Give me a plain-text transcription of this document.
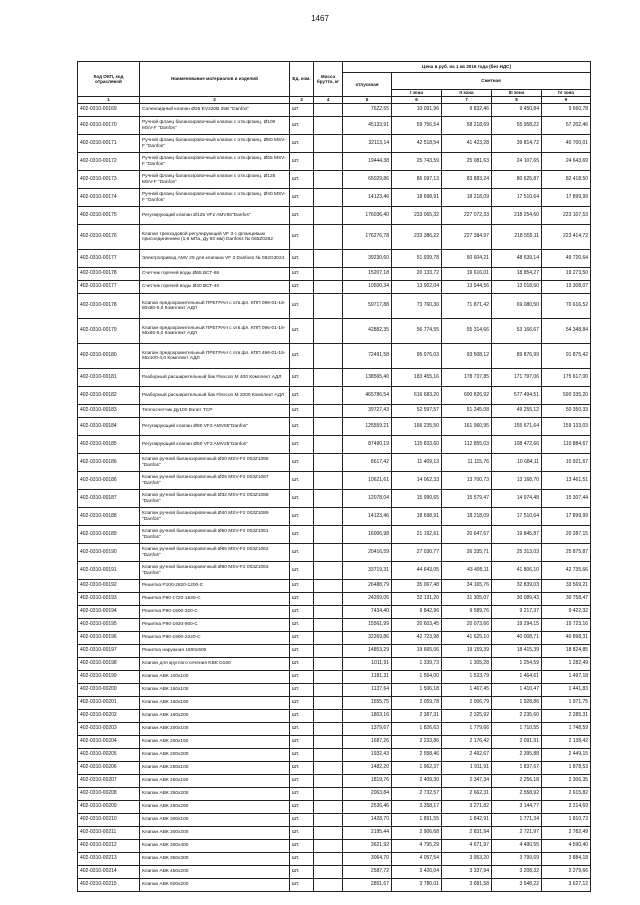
1467
Код ОКП, код отраслевой	Наименование материалов и изделий	Ед. изм.	Масса брутто, кг	Цена в руб. на 1 кв 2016 года (без НДС)				
				отпускная	Сметная			
					I зона	II зона	III зона	IV зона
1	2	3	4	5	6	7	8	9
402-0310-00169	Соленоидный клапан Ø25 EV220B 25B "Danfos"	шт		7622,55	10 091,96	9 832,46	9 450,84	9 660,78
402-0310-00170	Ручной фланц балансировочный клапан с отв.фланц. Ø100 MSV-F "Danfos"	шт.		45133,91	59 756,54	58 218,69	55 958,22	57 202,46
402-0310-00171	Ручной фланц балансировочный клапан с отв.фланц. Ø80 MSV-F "Danfos"	шт.		32113,14	42 518,54	41 423,28	39 814,72	40 700,01
402-0310-00172	Ручной фланц балансировочный клапан с отв.фланц. Ø65 MSV-F "Danfos"	шт.		19444,38	25 743,59	25 081,63	24 107,65	24 643,69
402-0310-00173	Ручной фланц балансировочный клапан с отв.фланц. Ø125 MSV-F "Danfos"	шт.		65029,86	86 097,13	83 883,24	80 625,87	82 418,50
402-0310-00174	Ручной фланц балансировочный клапан с отв.фланц. Ø40 MSV-F "Danfos"	шт.		14123,46	18 698,91	18 218,09	17 510,64	17 899,99
402-0310-00175	Регулирующий клапан Ø125 VF2 AMV56"Danfos"	шт.		176036,40	233 065,32	227 072,33	218 254,60	223 107,53
402-0310-00176	Клапан трехходовой регулирующий VF 3 с фланцевым присоединением (1,6 мПа, Ду 80 мм) Danfoss № 065Z0262	шт.		176276,78	233 386,22	227 384,97	218 555,11	223 414,72
402-0310-00177	Электропривод AMV 25 для клапана VF 3 Danfoss № 082G3024	шт.		39230,60	51 939,78	50 604,21	48 639,14	49 720,64
402-0310-00178	Счетчик горячей воды Ø65 ВСТ-65	шт.		15207,18	20 133,72	19 616,01	18 854,27	19 273,50
402-0310-00177	Счетчик горячей воды Ø40 ВСТ-40	шт.		10500,34	13 902,04	13 544,56	13 018,60	13 308,07
402-0310-00178	Клапан предохранительный ПРЕГРАН с отв.фл. КПП 096-01-16-80х80-6,0 Комплект АДЛ	шт.		59717,88	73 760,30	71 871,42	69 080,50	70 616,52
402-0310-00179	Клапан предохранительный ПРЕГРАН с отв.фл. КПП 096-01-16-65х65-5,0 Комплект АДЛ	шт.		42882,35	56 774,55	55 314,66	53 166,67	54 348,84
402-0310-00180	Клапан предохранительный ПРЕГРАН с отв.фл. КПП 496-01-16-65х100-4,0 Комплект АДЛ	шт.		72491,58	95 976,03	93 508,12	89 876,99	91 875,42
402-0310-00181	Разборный расширительный бак Flexcon M 400 Комплект АДЛ	шт.		138565,40	183 455,16	178 737,85	171 797,06	175 617,00
402-0310-00182	Разборный расширительный бак Flexcon M 2000 Комплект АДЛ	шт.		465786,54	616 683,20	600 826,92	577 494,51	590 335,20
402-0310-00183	Теплосчетчик Ду100 Взлет ТСР	шт.		39727,43	52 597,57	51 245,08	49 255,12	50 350,33
402-0310-00184	Регулирующий клапан Ø80 VF2 AMV55"Danfos"	шт.		125559,21	166 235,50	161 960,95	155 671,64	159 133,03
402-0310-00185	Регулирующий клапан Ø50 VF2 AMV25"Danfos"	шт.		87490,19	115 833,60	112 855,03	108 472,66	110 884,67
402-0310-00186	Клапан ручной балансировочный Ø20 MSV-F2 003Z1085 "Danfos"	шт.		8617,42	11 409,13	11 115,76	10 684,11	10 921,67
402-0310-00186	Клапан ручной балансировочный Ø25 MSV-F2 003Z1087 "Danfos"	шт.		10621,61	14 062,33	13 700,73	13 168,70	13 461,51
402-0310-00187	Клапан ручной балансировочный Ø32 MSV-F2 003Z1088 "Danfos"	шт.		12078,04	15 990,65	15 579,47	14 974,48	15 307,44
402-0310-00188	Клапан ручной балансировочный Ø40 MSV-F2 003Z1089 "Danfos"	шт.		14123,46	18 698,91	18 218,09	17 510,64	17 899,99
402-0310-00189	Клапан ручной балансировочный Ø50 MSV-F2 003Z1061 "Danfos"	шт.		16006,98	21 192,61	20 647,67	19 845,87	20 287,15
402-0310-00190	Клапан ручной балансировочный Ø65 MSV-F2 003Z1062 "Danfos"	шт.		20416,59	27 030,77	26 335,71	25 313,03	25 875,87
402-0310-00191	Клапан ручной балансировочный Ø80 MSV-F2 003Z1063 "Danfos"	шт.		33719,31	44 643,05	43 495,11	41 806,10	42 735,66
402-0310-00192	Решетка Р100-2820-1200-С	шт.		26488,79	35 067,48	34 165,76	32 839,03	33 569,21
402-0310-00193	Решетка Р90-1720-1830-С	шт.		24269,06	32 131,20	31 305,07	30 089,43	30 758,47
402-0310-00194	Решетка Р90-1500-320-С	шт.		7434,40	9 842,96	9 589,76	9 217,37	9 422,32
402-0310-00195	Решетка Р90-1920-900-С	шт.		15561,99	20 603,45	20 073,66	19 294,15	19 723,16
402-0310-00196	Решетка Р90-1900-2220-С	шт.		32269,86	42 723,98	41 625,10	40 008,71	40 898,31
402-0310-00197	Решетка наружная 1800х500	шт.		14853,29	19 665,06	19 159,39	18 415,39	18 824,85
402-0310-00198	Клапан для круглого сечения KBK D160	шт.		1011,91	1 339,73	1 305,28	1 254,59	1 282,49
402-0310-00199	Клапан АВК 100х100	шт.		1181,31	1 564,00	1 523,79	1 464,61	1 497,18
402-0310-00200	Клапан АВК 150х100	шт.		1137,64	1 506,18	1 467,45	1 410,47	1 441,83
402-0310-00201	Клапан АВК 150х150	шт.		1555,75	2 059,78	2 006,79	1 928,86	1 971,75
402-0310-00202	Клапан АВК 150х200	шт.		1803,16	2 387,31	2 325,92	2 235,60	2 285,31
402-0310-00203	Клапан АВК 200х100	шт.		1379,67	1 826,63	1 779,66	1 710,55	1 748,59
402-0310-00204	Клапан АВК 200х150	шт.		1687,26	2 233,86	2 176,42	2 091,91	2 138,42
402-0310-00205	Клапан АВК 200х200	шт.		1932,43	2 558,46	2 492,67	2 395,88	2 449,15
402-0310-00206	Клапан АВК 250х100	шт.		1482,20	1 962,37	1 911,91	1 837,67	1 878,53
402-0310-00207	Клапан АВК 250х150	шт.		1819,76	2 409,30	2 347,34	2 256,18	2 306,35
402-0310-00208	Клапан АВК 250х200	шт.		2063,84	2 732,57	2 662,31	2 558,92	2 615,82
402-0310-00209	Клапан АВК 250х250	шт.		2536,46	3 358,17	3 271,82	3 144,77	3 214,69
402-0310-00210	Клапан АВК 300х100	шт.		1428,70	1 891,55	1 842,91	1 771,34	1 810,73
402-0310-00211	Клапан АВК 300х200	шт.		2195,44	2 906,68	2 831,94	2 721,97	2 782,49
402-0310-00212	Клапан АВК 300х400	шт.		3621,92	4 795,29	4 671,97	4 490,55	4 590,40
402-0310-00213	Клапан АВК 350х300	шт.		3064,70	4 057,54	3 953,20	3 799,69	3 884,18
402-0310-00214	Клапан АВК 450х200	шт.		2587,72	3 426,04	3 337,94	3 208,32	3 279,66
402-0310-00215	Клапан АВК 500х200	шт.		2851,67	3 780,01	3 681,58	3 548,22	3 627,12
